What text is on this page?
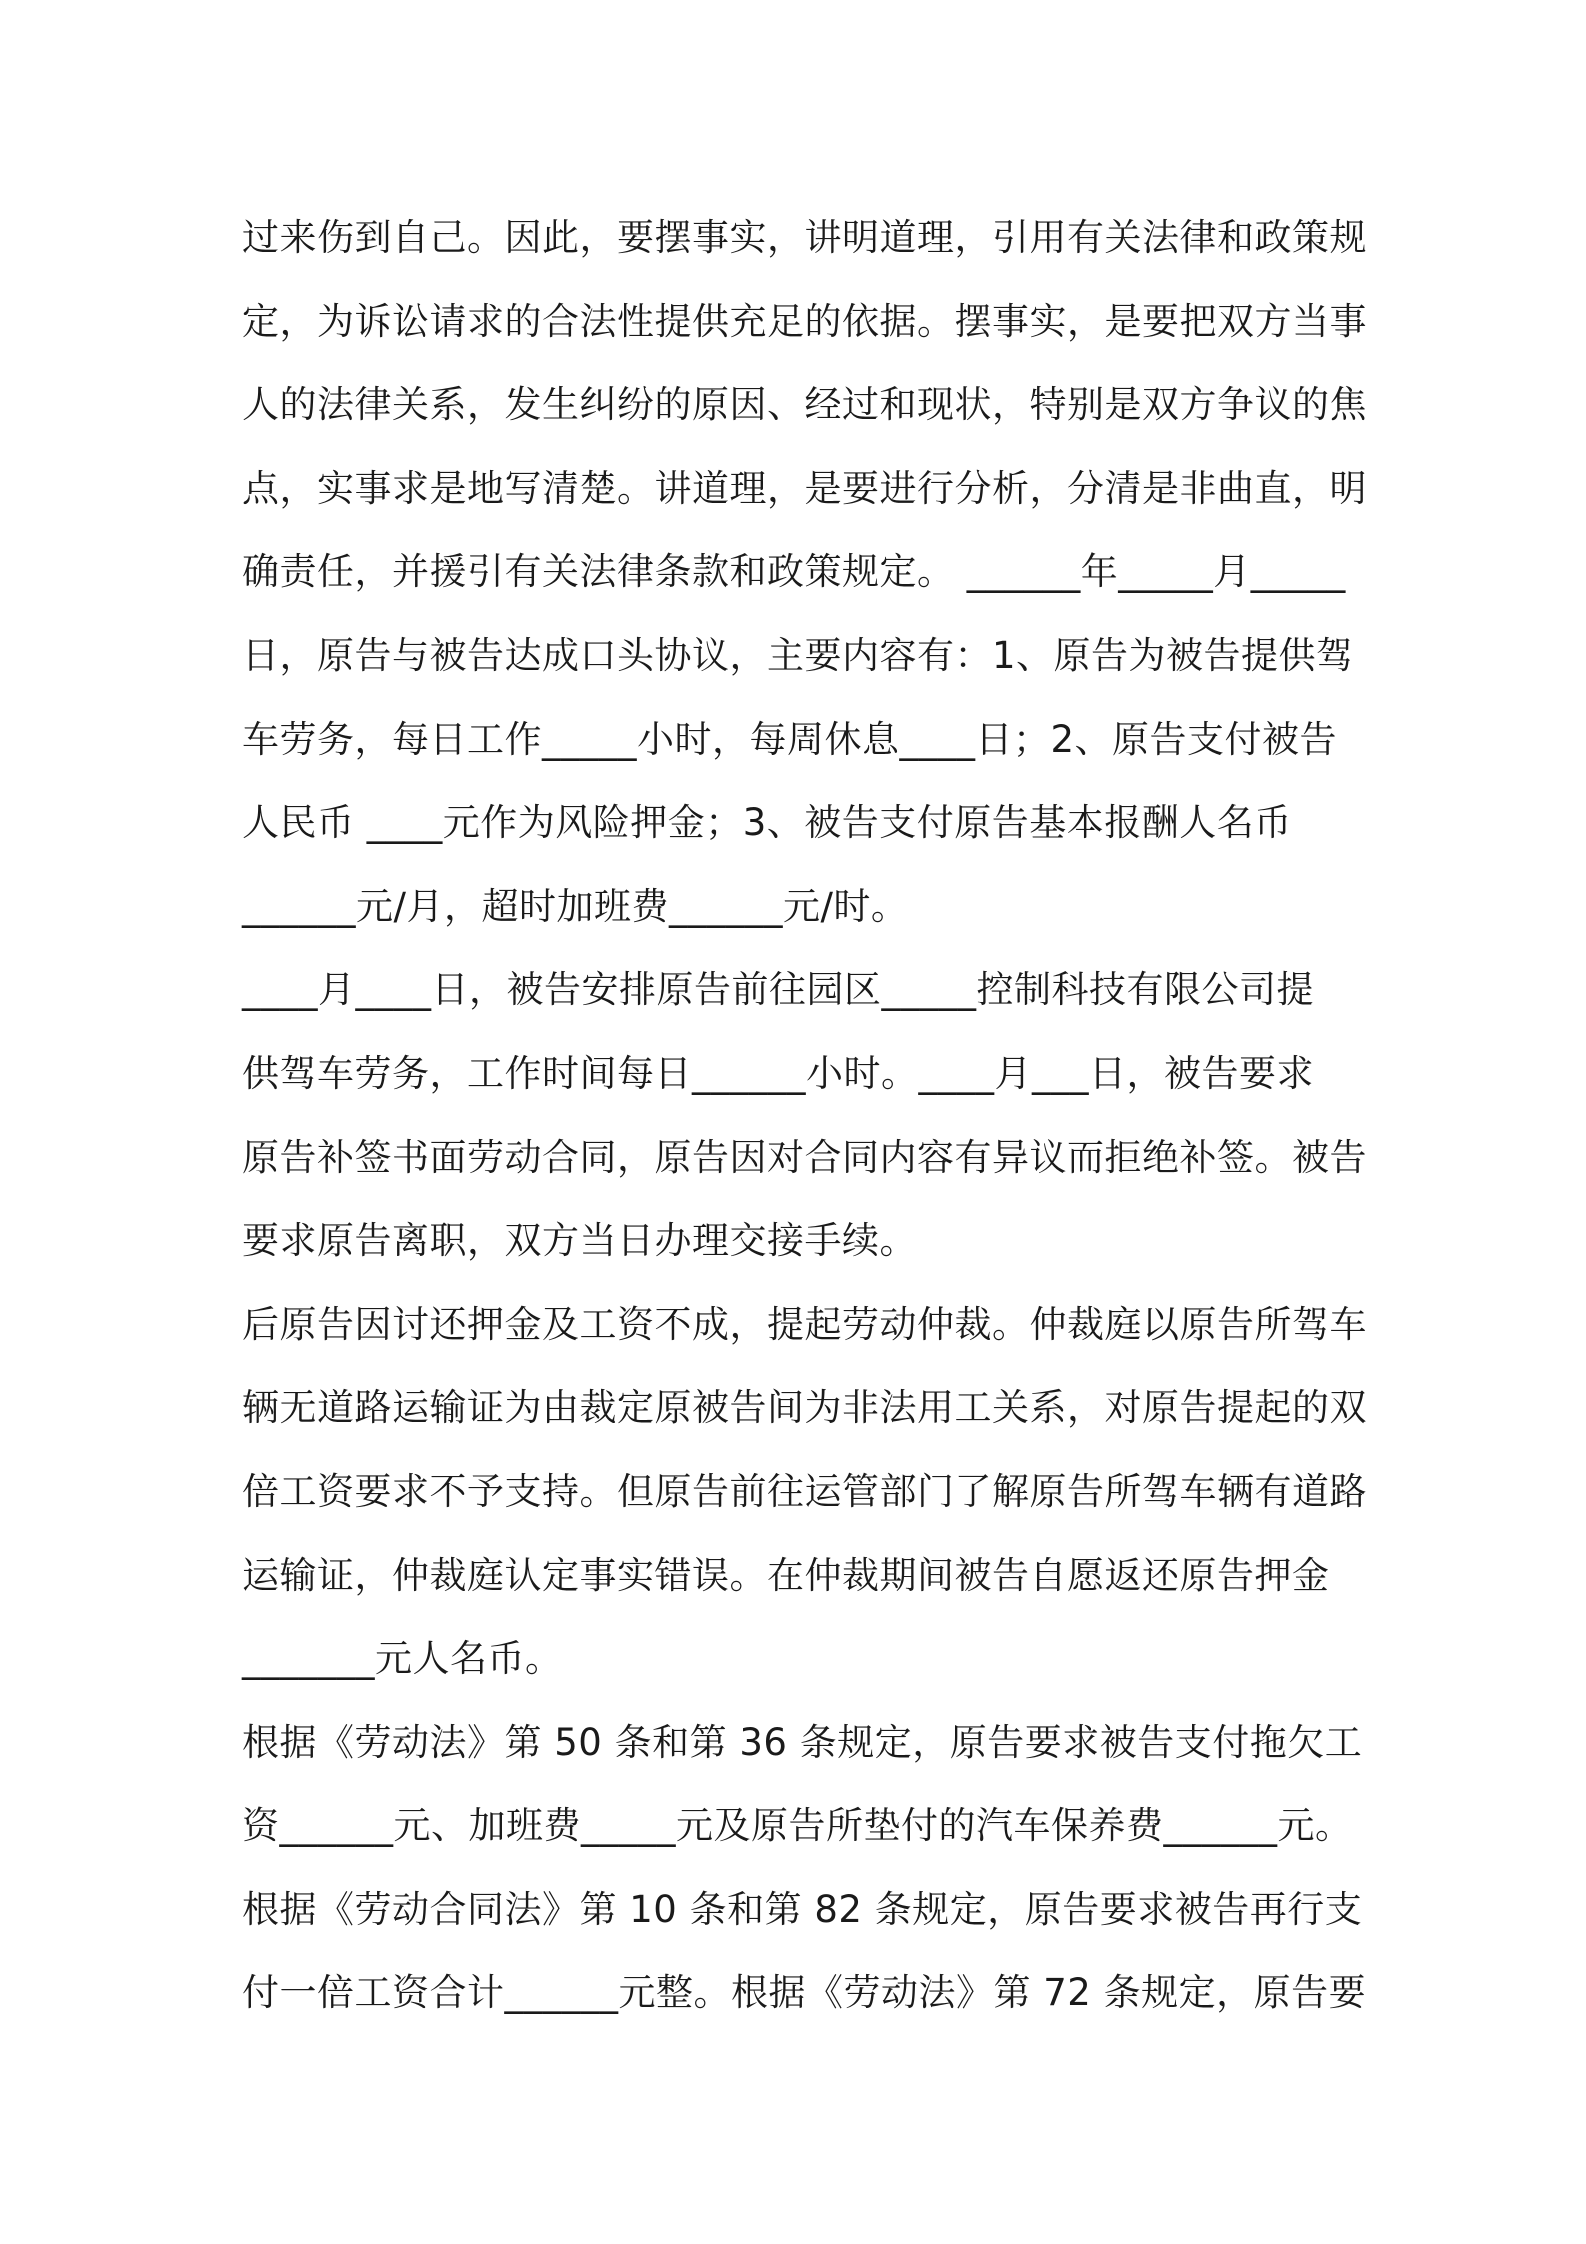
过来伤到自己。因此，要摆事实，讲明道理，引用有关法律和政策规
定，为诉讼请求的合法性提供充足的依据。摆事实，是要把双方当事
人的法律关系，发生纠纷的原因、经过和现状，特别是双方争议的焦
点，实事求是地写清楚。讲道理，是要进行分析，分清是非曲直，明
确责任，并援引有关法律条款和政策规定。 ______年_____月_____
日，原告与被告达成口头协议，主要内容有：1、原告为被告提供驾
车劳务，每日工作_____小时，每周休息____日；2、原告支付被告
人民币 ____元作为风险押金；3、被告支付原告基本报酬人名币
______元/月，超时加班费______元/时。
____月____日，被告安排原告前往园区_____控制科技有限公司提
供驾车劳务，工作时间每日______小时。____月___日，被告要求
原告补签书面劳动合同，原告因对合同内容有异议而拒绝补签。被告
要求原告离职，双方当日办理交接手续。
后原告因讨还押金及工资不成，提起劳动仲裁。仲裁庭以原告所驾车
辆无道路运输证为由裁定原被告间为非法用工关系，对原告提起的双
倍工资要求不予支持。但原告前往运管部门了解原告所驾车辆有道路
运输证，仲裁庭认定事实错误。在仲裁期间被告自愿返还原告押金
_______元人名币。
根据《劳动法》第 50 条和第 36 条规定，原告要求被告支付拖欠工
资______元、加班费_____元及原告所垫付的汽车保养费______元。
根据《劳动合同法》第 10 条和第 82 条规定，原告要求被告再行支
付一倍工资合计______元整。根据《劳动法》第 72 条规定，原告要
